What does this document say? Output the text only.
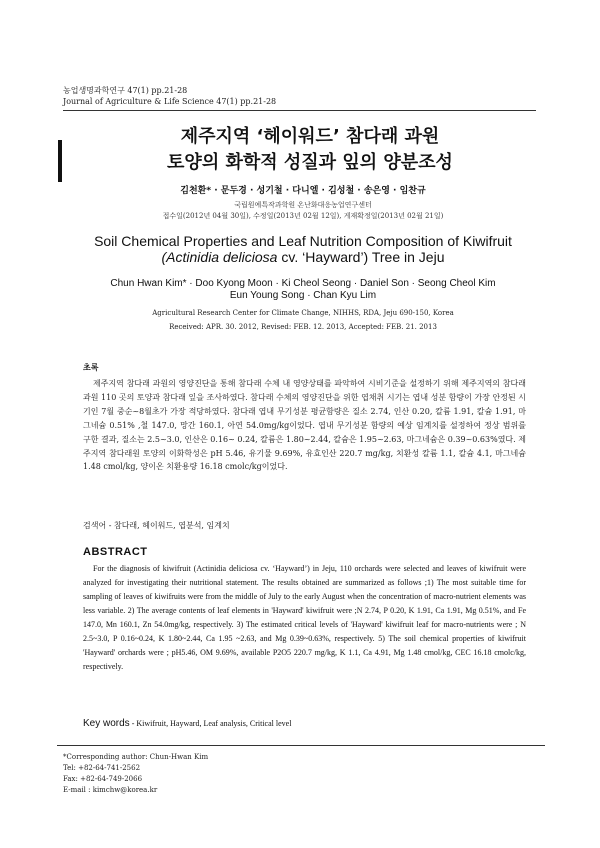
농업생명과학연구 47(1) pp.21-28
Journal of Agriculture & Life Science 47(1) pp.21-28
제주지역 ‘헤이워드’ 참다래 과원
토양의 화학적 성질과 잎의 양분조성
김천환* · 문두경 · 성기철 · 다니엘 · 김성철 · 송은영 · 임찬규
국립원예특작과학원 온난화대응농업연구센터
접수일(2012년 04월 30일), 수정일(2013년 02월 12일), 게재확정일(2013년 02월 21일)
Soil Chemical Properties and Leaf Nutrition Composition of Kiwifruit
(Actinidia deliciosa cv. ‘Hayward’) Tree in Jeju
Chun Hwan Kim* · Doo Kyong Moon · Ki Cheol Seong · Daniel Son · Seong Cheol Kim
Eun Young Song · Chan Kyu Lim
Agricultural Research Center for Climate Change, NIHHS, RDA, Jeju 690-150, Korea
Received: APR. 30. 2012, Revised: FEB. 12. 2013, Accepted: FEB. 21. 2013
초록

제주지역 참다래 과원의 영양진단을 통해 참다래 수체 내 영양상태를 파악하여 시비기준을 설정하기 위해 제주지역의 참다래 과원 110 곳의 토양과 참다래 잎을 조사하였다. 참다래 수체의 영양진단을 위한 엽채취 시기는 엽내 성분 함량이 가장 안정된 시기인 7월 중순~8월초가 가장 적당하였다. 참다래 엽내 무기성분 평균함량은 질소 2.74, 인산 0.20, 칼륨 1.91, 칼슘 1.91, 마그네슘 0.51% ,철 147.0, 망간 160.1, 아연 54.0mg/kg이었다. 엽내 무기성분 함량의 예상 임계치를 설정하여 정상 범위를 구한 결과, 질소는 2.5~3.0, 인산은 0.16~ 0.24, 칼륨은 1.80~2.44, 칼슘은 1.95~2.63, 마그네슘은 0.39~0.63%였다. 제주지역 참다래원 토양의 이화학성은 pH 5.46, 유기물 9.69%, 유효인산 220.7 mg/kg, 치환성 칼륨 1.1, 칼슘 4.1, 마그네슘 1.48 cmol/kg, 양이온 치환용량 16.18 cmolc/kg이었다.

검색어 - 참다래, 헤이워드, 엽분석, 임계치
ABSTRACT

For the diagnosis of kiwifruit (Actinidia deliciosa cv. ‘Hayward’) in Jeju, 110 orchards were selected and leaves of kiwifruit were analyzed for investigating their nutritional statement. The results obtained are summarized as follows ;1) The most suitable time for sampling of leaves of kiwifruits were from the middle of July to the early August when the concentration of macro-nutrient elements was less variable. 2) The average contents of leaf elements in 'Hayward' kiwifruit were ;N 2.74, P 0.20, K 1.91, Ca 1.91, Mg 0.51%, and Fe 147.0, Mn 160.1, Zn 54.0mg/kg, respectively. 3) The estimated critical levels of 'Hayward' kiwifruit leaf for macro-nutrients were ; N 2.5~3.0, P 0.16~0.24, K 1.80~2.44, Ca 1.95 ~2.63, and Mg 0.39~0.63%, respectively. 5) The soil chemical properties of kiwifruit 'Hayward' orchards were ; pH5.46, OM 9.69%, available P2O5 220.7 mg/kg, K 1.1, Ca 4.91, Mg 1.48 cmol/kg, CEC 16.18 cmolc/kg, respectively.

Key words - Kiwifruit, Hayward, Leaf analysis, Critical level
*Corresponding author: Chun-Hwan Kim
Tel: +82-64-741-2562
Fax: +82-64-749-2066
E-mail : kimchw@korea.kr
